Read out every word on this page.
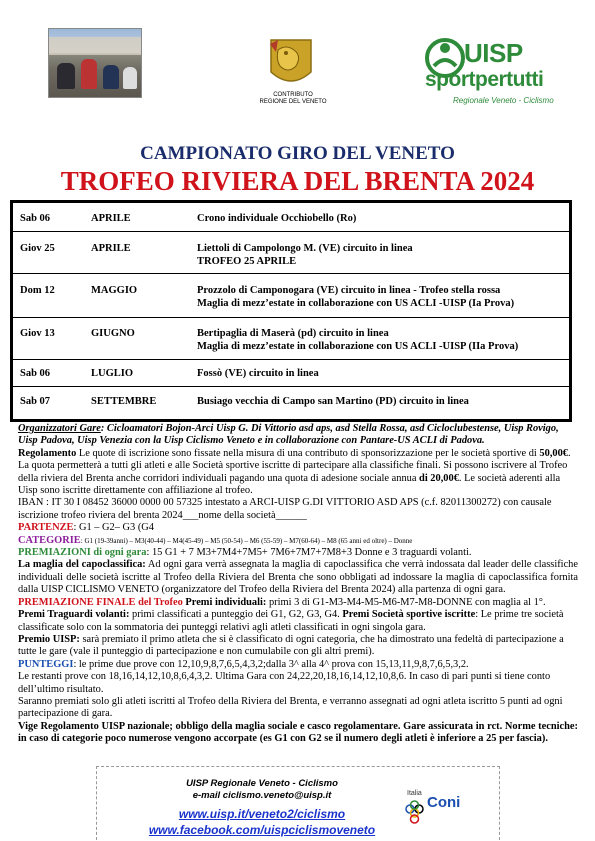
CONTRIBUTO
REGIONE DEL VENETO
UISP
sportpertutti
Regionale Veneto - Ciclismo
CAMPIONATO GIRO DEL VENETO
TROFEO RIVIERA DEL BRENTA 2024
Sab 06	APRILE	Crono individuale Occhiobello (Ro)
Giov 25	APRILE	Liettoli di Campolongo M. (VE) circuito in linea
TROFEO 25 APRILE
Dom 12	MAGGIO	Prozzolo di Camponogara (VE) circuito in linea - Trofeo stella rossa
Maglia di mezz’estate in collaborazione con US ACLI -UISP (Ia Prova)
Giov 13	GIUGNO	Bertipaglia di Maserà (pd) circuito in linea
Maglia di mezz’estate in collaborazione con US ACLI -UISP (IIa Prova)
Sab 06	LUGLIO	Fossò (VE) circuito in linea
Sab 07	SETTEMBRE	Busiago vecchia di Campo san Martino (PD) circuito in linea

Organizzatori Gare: Cicloamatori Bojon-Arci Uisp G. Di Vittorio asd aps, asd Stella Rossa, asd Cicloclubestense, Uisp Rovigo, Uisp Padova, Uisp Venezia con la Uisp Ciclismo Veneto e in collaborazione con Pantare-US ACLI di Padova.

Regolamento Le quote di iscrizione sono fissate nella misura di una contributo di sponsorizzazione per le società sportive di 50,00€. La quota permetterà a tutti gli atleti e alle Società sportive iscritte di partecipare alla classifiche finali. Si possono iscrivere al Trofeo della riviera del Brenta anche corridori individuali pagando una quota di adesione sociale annua di 20,00€. Le società aderenti alla Uisp sono iscritte direttamente con affiliazione al trofeo.

IBAN : IT 30 I 08452 36000 0000 00 57325 intestato a ARCI-UISP G.DI VITTORIO ASD APS (c.f. 82011300272) con causale iscrizione trofeo riviera del brenta 2024___nome della società______

PARTENZE: G1 – G2– G3 (G4

CATEGORIE: G1 (19-39anni) – M3(40-44) – M4(45-49) – M5 (50-54) – M6 (55-59) – M7(60-64) – M8 (65 anni ed oltre) – Donne

PREMIAZIONI di ogni gara: 15 G1 + 7 M3+7M4+7M5+ 7M6+7M7+7M8+3 Donne e 3 traguardi volanti.

La maglia del capoclassifica: Ad ogni gara verrà assegnata la maglia di capoclassifica che verrà indossata dal leader delle classifiche individuali delle società iscritte al Trofeo della Riviera del Brenta che sono obbligati ad indossare la maglia di capoclassifica fornita dalla UISP CICLISMO VENETO (organizzatore del Trofeo della Riviera del Brenta 2024) alla partenza di ogni gara.

PREMIAZIONE FINALE del Trofeo Premi individuali: primi 3 di G1-M3-M4-M5-M6-M7-M8-DONNE con maglia al 1°.

Premi Traguardi volanti: primi classificati a punteggio dei G1, G2, G3, G4. Premi Società sportive iscritte: Le prime tre società classificate solo con la sommatoria dei punteggi relativi agli atleti classificati in ogni singola gara.

Premio UISP: sarà premiato il primo atleta che si è classificato di ogni categoria, che ha dimostrato una fedeltà di partecipazione a tutte le gare (vale il punteggio di partecipazione e non cumulabile con gli altri premi).

PUNTEGGI: le prime due prove con 12,10,9,8,7,6,5,4,3,2;dalla 3^ alla 4^ prova con 15,13,11,9,8,7,6,5,3,2.

Le restanti prove con 18,16,14,12,10,8,6,4,3,2. Ultima Gara con 24,22,20,18,16,14,12,10,8,6. In caso di pari punti si tiene conto dell’ultimo risultato.

Saranno premiati solo gli atleti iscritti al Trofeo della Riviera del Brenta, e verranno assegnati ad ogni atleta iscritto 5 punti ad ogni partecipazione di gara.

Vige Regolamento UISP nazionale; obbligo della maglia sociale e casco regolamentare. Gare assicurata in rct. Norme tecniche: in caso di categorie poco numerose vengono accorpate (es G1 con G2 se il numero degli atleti è inferiore a 25 per fascia).

UISP Regionale Veneto - Ciclismo
e-mail ciclismo.veneto@uisp.it
www.uisp.it/veneto2/ciclismo
www.facebook.com/uispciclismoveneto
Italia
Coni
